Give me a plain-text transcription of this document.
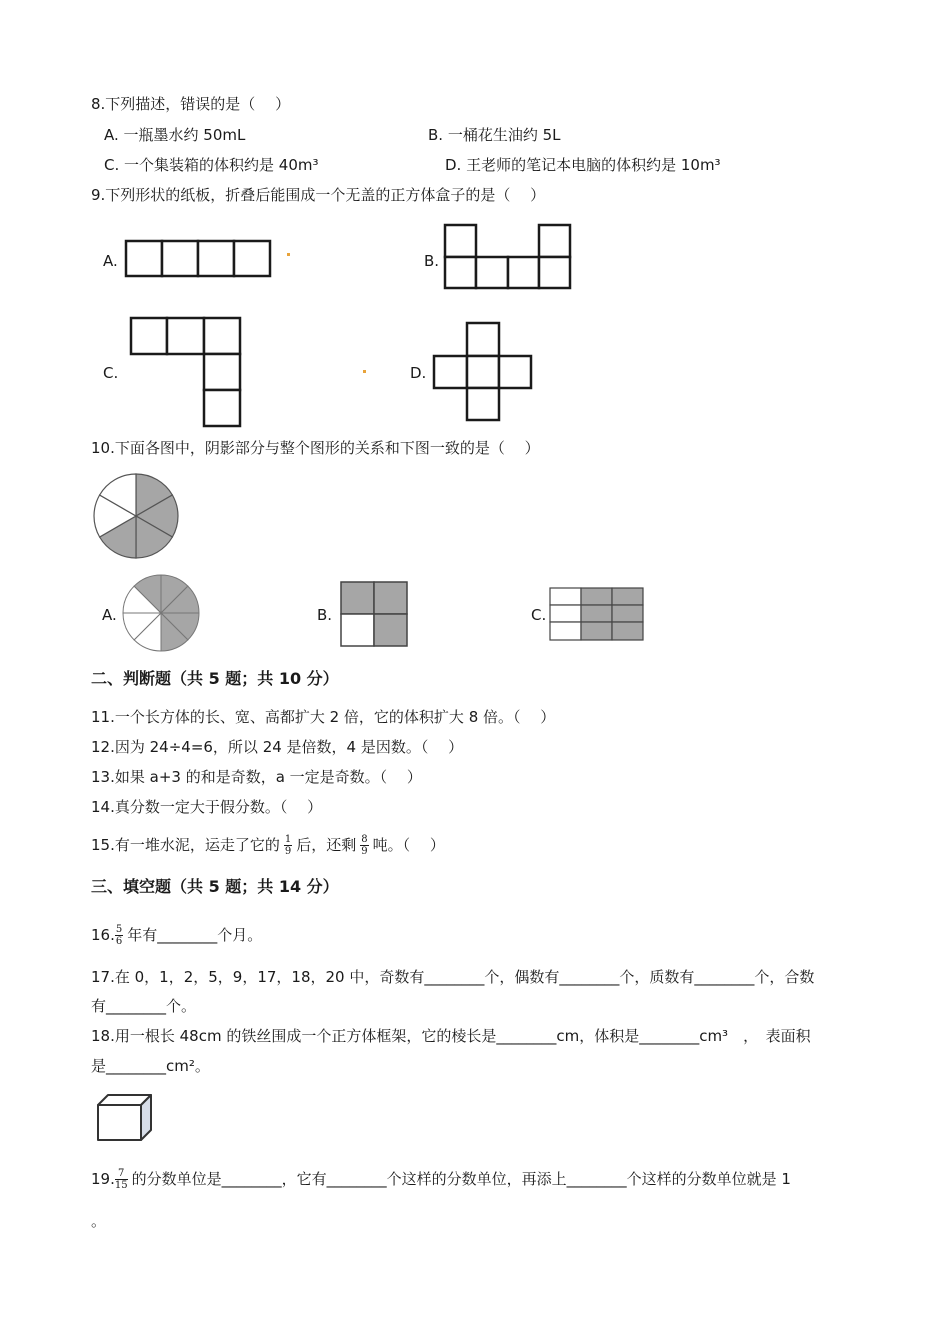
8.下列描述，错误的是（　 ）
A. 一瓶墨水约 50mL	B. 一桶花生油约 5L
C. 一个集装箱的体积约是 40m³	D. 王老师的笔记本电脑的体积约是 10m³
9.下列形状的纸板，折叠后能围成一个无盖的正方体盒子的是（　 ）
A.	B.
C.	D.
10.下面各图中，阴影部分与整个图形的关系和下图一致的是（　 ）
A.	B.	C.
二、判断题（共 5 题；共 10 分）
11.一个长方体的长、宽、高都扩大 2 倍，它的体积扩大 8 倍。（　 ）
12.因为 24÷4=6，所以 24 是倍数，4 是因数。（　 ）
13.如果 a+3 的和是奇数，a 一定是奇数。（　 ）
14.真分数一定大于假分数。（　 ）
15.有一堆水泥，运走了它的 $\frac{1}{9}$ 后，还剩 $\frac{8}{9}$ 吨。（　 ）
三、填空题（共 5 题；共 14 分）
16. $\frac{5}{6}$ 年有________个月。
17.在 0，1，2，5，9，17，18，20 中，奇数有________个，偶数有________个，质数有________个，合数
有________个。
18.用一根长 48cm 的铁丝围成一个正方体框架，它的棱长是________cm，体积是________cm³　，　表面积
是________cm²。
19. $\frac{7}{15}$ 的分数单位是________，它有________个这样的分数单位，再添上________个这样的分数单位就是 1
。
